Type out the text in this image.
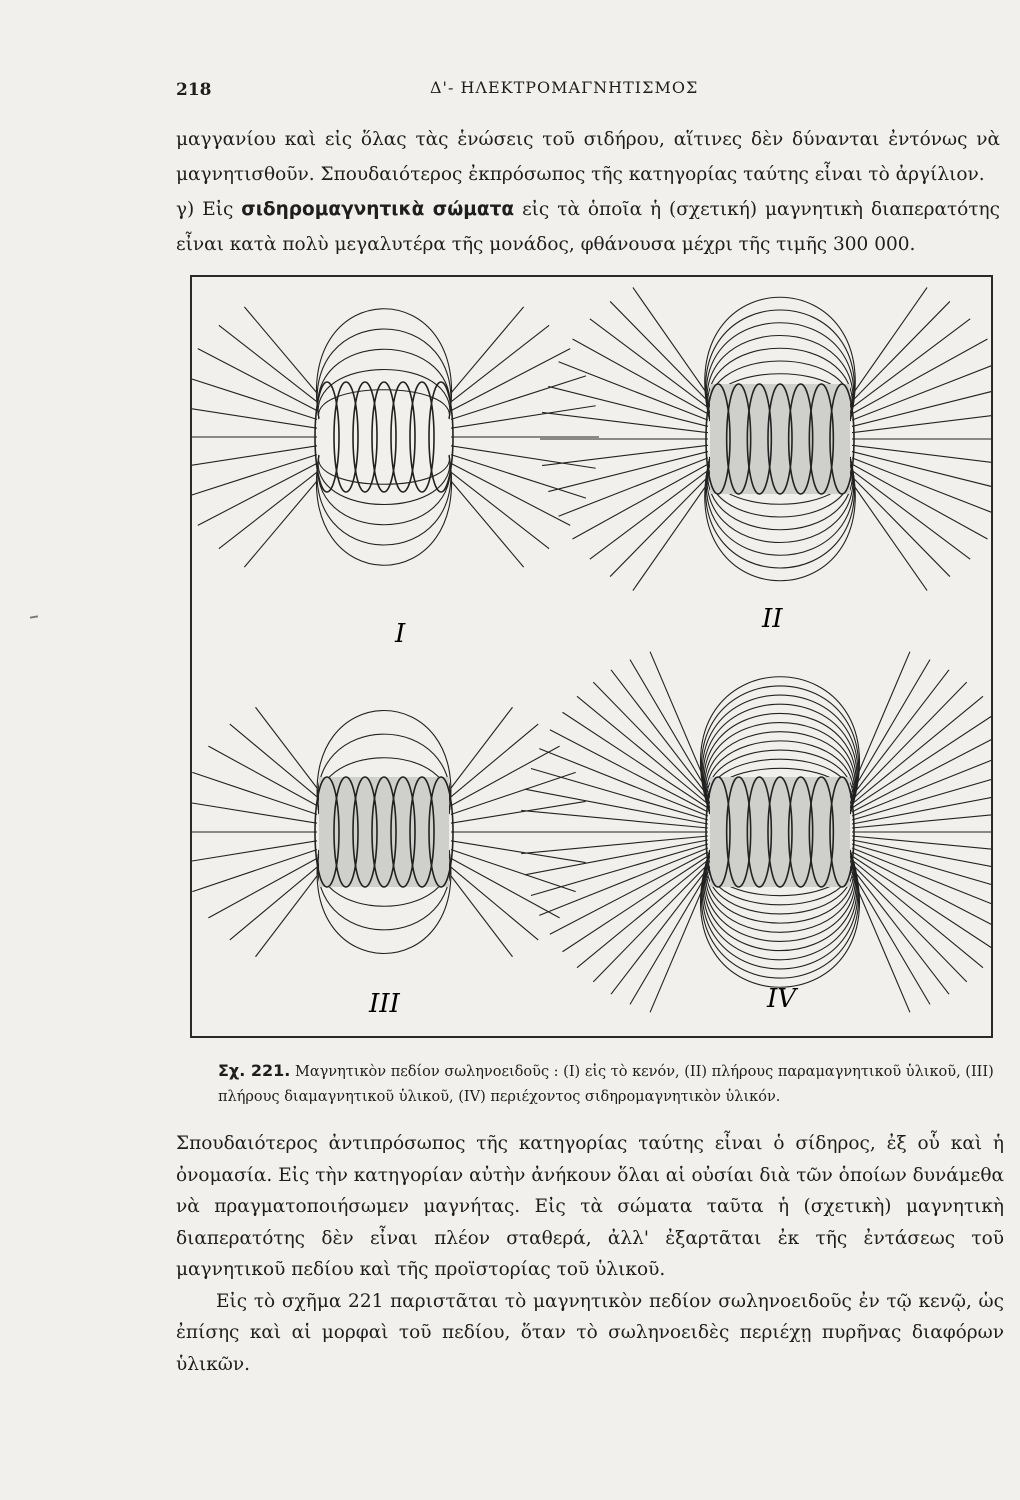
218	Δ'- ΗΛΕΚΤΡΟΜΑΓΝΗΤΙΣΜΟΣ

μαγγανίου καὶ εἰς ὅλας τὰς ἑνώσεις τοῦ σιδήρου, αἵτινες δὲν δύνανται ἐντόνως νὰ μαγνητισθοῦν. Σπουδαιότερος ἐκπρόσωπος τῆς κατηγορίας ταύτης εἶναι τὸ ἀργίλιον.

γ) Εἰς σιδηρομαγνητικὰ σώματα εἰς τὰ ὁποῖα ἡ (σχετική) μαγνητικὴ διαπερατότης εἶναι κατὰ πολὺ μεγαλυτέρα τῆς μονάδος, φθάνουσα μέχρι τῆς τιμῆς 300 000.

I	II
III	IV
Σχ. 221. Μαγνητικὸν πεδίον σωληνοειδοῦς : (I) εἰς τὸ κενόν, (II) πλήρους παραμαγνητικοῦ ὑλικοῦ, (III) πλήρους διαμαγνητικοῦ ὑλικοῦ, (IV) περιέχοντος σιδηρομαγνητικὸν ὑλικόν.

Σπουδαιότερος ἀντιπρόσωπος τῆς κατηγορίας ταύτης εἶναι ὁ σίδηρος, ἐξ οὗ καὶ ἡ ὀνομασία. Εἰς τὴν κατηγορίαν αὐτὴν ἀνήκουν ὅλαι αἱ οὐσίαι διὰ τῶν ὁποίων δυνάμεθα νὰ πραγματοποιήσωμεν μαγνήτας. Εἰς τὰ σώματα ταῦτα ἡ (σχετικὴ) μαγνητικὴ διαπερατότης δὲν εἶναι πλέον σταθερά, ἀλλ' ἐξαρτᾶται ἐκ τῆς ἐντάσεως τοῦ μαγνητικοῦ πεδίου καὶ τῆς προϊστορίας τοῦ ὑλικοῦ.

Εἰς τὸ σχῆμα 221 παριστᾶται τὸ μαγνητικὸν πεδίον σωληνοειδοῦς ἐν τῷ κενῷ, ὡς ἐπίσης καὶ αἱ μορφαὶ τοῦ πεδίου, ὅταν τὸ σωληνοειδὲς περιέχῃ πυρῆνας διαφόρων ὑλικῶν.
